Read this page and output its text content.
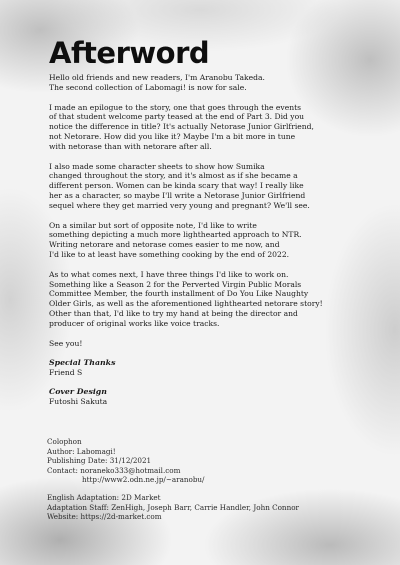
Afterword

Hello old friends and new readers, I'm Aranobu Takeda.
The second collection of Labomagi! is now for sale.

I made an epilogue to the story, one that goes through the events
of that student welcome party teased at the end of Part 3. Did you
notice the difference in title? It's actually Netorase Junior Girlfriend,
not Netorare. How did you like it? Maybe I'm a bit more in tune
with netorase than with netorare after all.

I also made some character sheets to show how Sumika
changed throughout the story, and it's almost as if she became a
different person. Women can be kinda scary that way! I really like
her as a character, so maybe I'll write a Netorase Junior Girlfriend
sequel where they get married very young and pregnant? We'll see.

On a similar but sort of opposite note, I'd like to write
something depicting a much more lighthearted approach to NTR.
Writing netorare and netorase comes easier to me now, and
I'd like to at least have something cooking by the end of 2022.

As to what comes next, I have three things I'd like to work on.
Something like a Season 2 for the Perverted Virgin Public Morals
Committee Member, the fourth installment of Do You Like Naughty
Older Girls, as well as the aforementioned lighthearted netorare story!
Other than that, I'd like to try my hand at being the director and
producer of original works like voice tracks.

See you!

Special Thanks

Friend S

Cover Design

Futoshi Sakuta

Colophon

Author: Labomagi!

Publishing Date: 31/12/2021

Contact: noraneko333@hotmail.com

http://www2.odn.ne.jp/~aranobu/

English Adaptation: 2D Market

Adaptation Staff: ZenHigh, Joseph Barr, Carrie Handler, John Connor

Website: https://2d-market.com
